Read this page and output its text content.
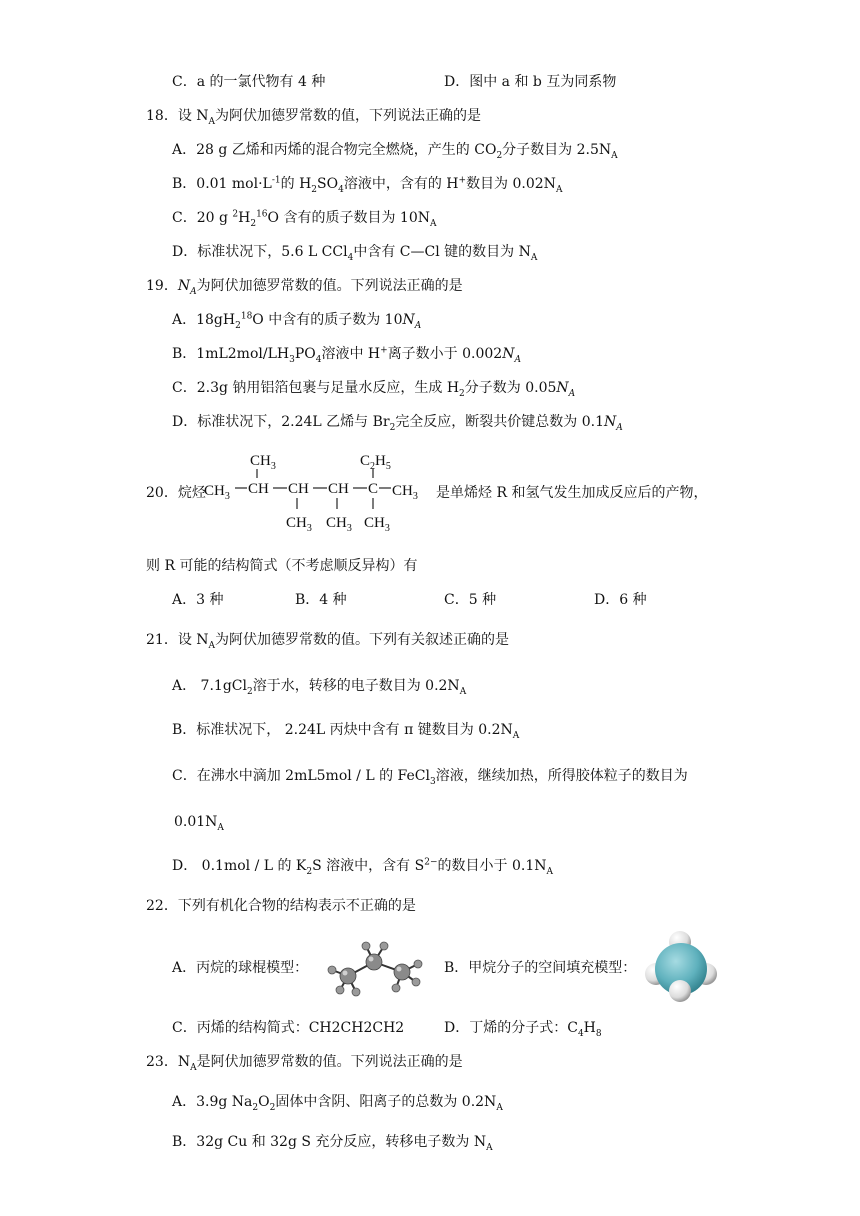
C．a 的一氯代物有 4 种	D．图中 a 和 b 互为同系物
18．设 $N_A$为阿伏加德罗常数的值，下列说法正确的是
A．28 g 乙烯和丙烯的混合物完全燃烧，产生的 $CO_2$分子数目为 $2.5N_A$
B．0.01 $mol\cdot L^{-1}$的 $H_2SO_4$溶液中，含有的 H+数目为 $0.02N_A$
C．20 g $^2H_2^{16}O$ 含有的质子数目为 $10N_A$
D．标准状况下，5.6 L CCl$_4$中含有 C—Cl 键的数目为 $N_A$
19．$N_A$为阿伏加德罗常数的值。下列说法正确的是
A．$18gH_2^{18}O$ 中含有的质子数为 $10N_A$
B．$1mL2mol/LH_3PO_4$溶液中 H+离子数小于 $0.002N_A$
C．2.3g 钠用铝箔包裹与足量水反应，生成 $H_2$分子数为 $0.05N_A$
D．标准状况下，2.24L 乙烯与 $Br_2$完全反应，断裂共价键总数为 $0.1N_A$
20．烷烃
$CH_3$	$C_2H_5$
$CH_3$ CH CH CH C $CH_3$
$CH_3$ $CH_3$ $CH_3$
是单烯烃 R 和氢气发生加成反应后的产物，
则 R 可能的结构简式（不考虑顺反异构）有
A．3 种	B．4 种	C．5 种	D．6 种
21．设 $N_A$为阿伏加德罗常数的值。下列有关叙述正确的是
A． 7.1gCl$_2$溶于水，转移的电子数目为 $0.2N_A$
B．标准状况下， 2.24L 丙炔中含有 π 键数目为 $0.2N_A$
C．在沸水中滴加 2mL5mol / L 的 FeCl$_3$溶液，继续加热，所得胶体粒子的数目为
$0.01N_A$
D． 0.1mol / L 的 $K_2S$ 溶液中，含有 $S^{2-}$的数目小于 $0.1N_A$
22．下列有机化合物的结构表示不正确的是
A．丙烷的球棍模型：	B．甲烷分子的空间填充模型：
C．丙烯的结构简式：CH2CH2CH2	D．丁烯的分子式：$C_4H_8$
23．$N_A$是阿伏加德罗常数的值。下列说法正确的是
A．3.9g $Na_2O_2$固体中含阴、阳离子的总数为 $0.2N_A$
B．32g Cu 和 32g S 充分反应，转移电子数为 $N_A$
